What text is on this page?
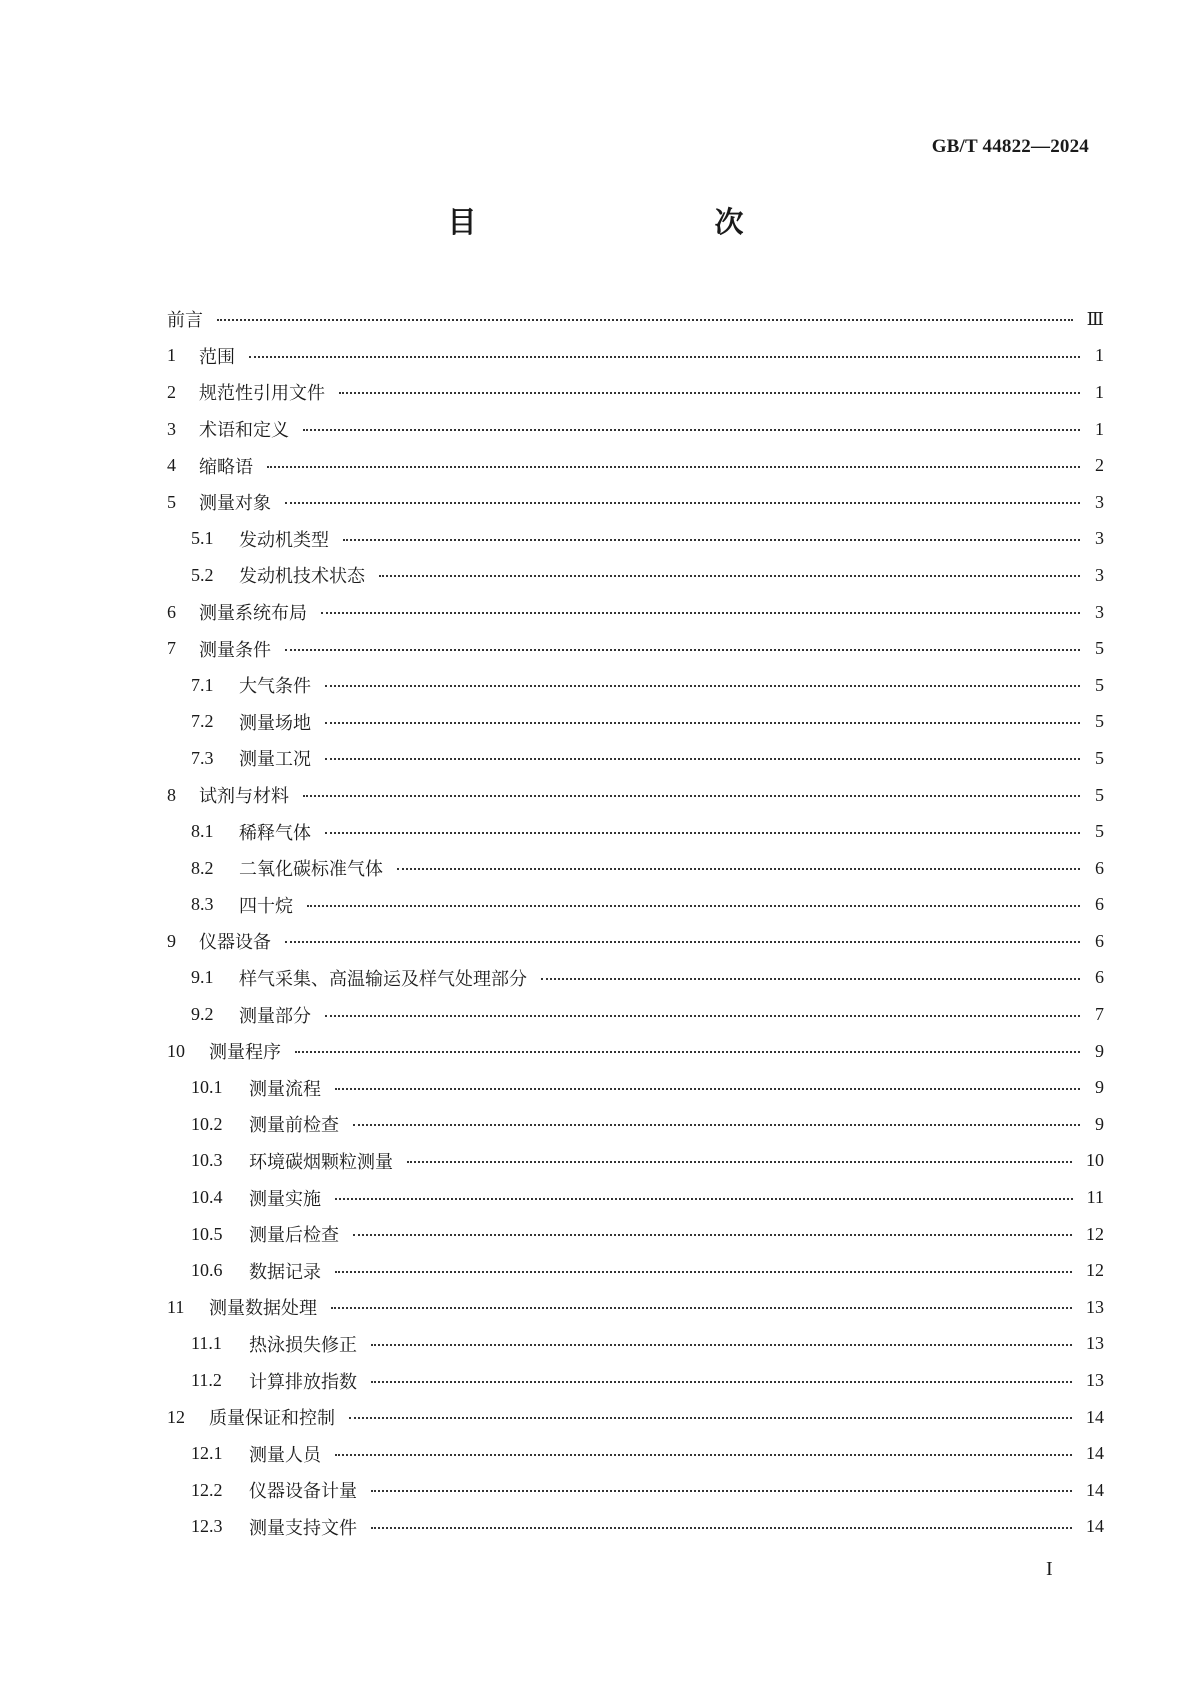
GB/T 44822—2024
目　　次
前言	Ⅲ
1	范围	1
2	规范性引用文件	1
3	术语和定义	1
4	缩略语	2
5	测量对象	3
5.1	发动机类型	3
5.2	发动机技术状态	3
6	测量系统布局	3
7	测量条件	5
7.1	大气条件	5
7.2	测量场地	5
7.3	测量工况	5
8	试剂与材料	5
8.1	稀释气体	5
8.2	二氧化碳标准气体	6
8.3	四十烷	6
9	仪器设备	6
9.1	样气采集、高温输运及样气处理部分	6
9.2	测量部分	7
10	测量程序	9
10.1	测量流程	9
10.2	测量前检查	9
10.3	环境碳烟颗粒测量	10
10.4	测量实施	11
10.5	测量后检查	12
10.6	数据记录	12
11	测量数据处理	13
11.1	热泳损失修正	13
11.2	计算排放指数	13
12	质量保证和控制	14
12.1	测量人员	14
12.2	仪器设备计量	14
12.3	测量支持文件	14
I
